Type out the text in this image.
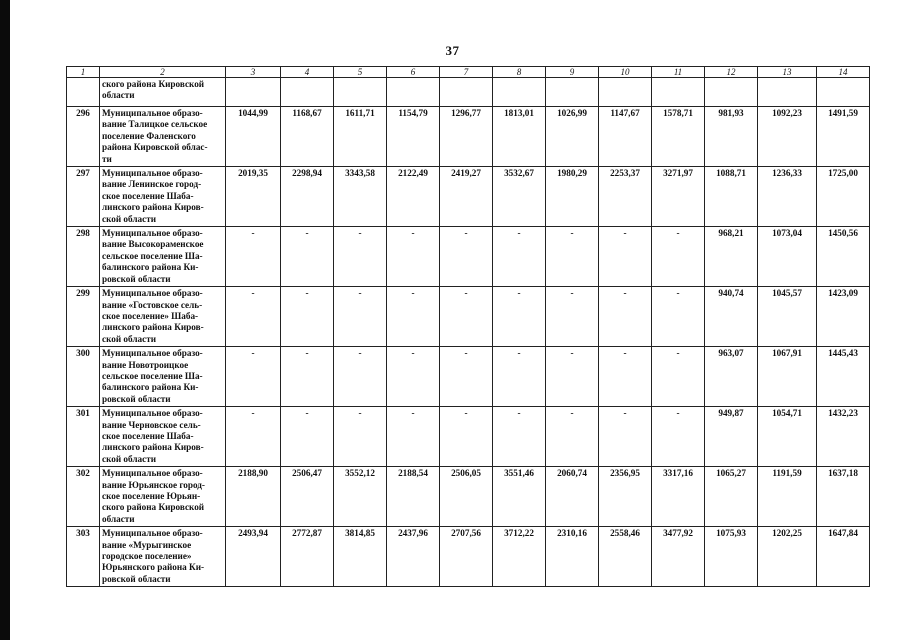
37
1	2	3	4	5	6	7	8	9	10	11	12	13	14
	ского района Кировской
области												
296	Муниципальное образо-
вание Талицкое сельское
поселение Фаленского
района Кировской облас-
ти	1044,99	1168,67	1611,71	1154,79	1296,77	1813,01	1026,99	1147,67	1578,71	981,93	1092,23	1491,59
297	Муниципальное образо-
вание Ленинское город-
ское поселение Шаба-
линского района Киров-
ской области	2019,35	2298,94	3343,58	2122,49	2419,27	3532,67	1980,29	2253,37	3271,97	1088,71	1236,33	1725,00
298	Муниципальное образо-
вание Высокораменское
сельское поселение Ша-
балинского района Ки-
ровской области	-	-	-	-	-	-	-	-	-	968,21	1073,04	1450,56
299	Муниципальное образо-
вание «Гостовское сель-
ское поселение» Шаба-
линского района Киров-
ской области	-	-	-	-	-	-	-	-	-	940,74	1045,57	1423,09
300	Муниципальное образо-
вание Новотроицкое
сельское поселение Ша-
балинского района Ки-
ровской области	-	-	-	-	-	-	-	-	-	963,07	1067,91	1445,43
301	Муниципальное образо-
вание Черновское сель-
ское поселение Шаба-
линского района Киров-
ской области	-	-	-	-	-	-	-	-	-	949,87	1054,71	1432,23
302	Муниципальное образо-
вание Юрьянское город-
ское поселение Юрьян-
ского района Кировской
области	2188,90	2506,47	3552,12	2188,54	2506,05	3551,46	2060,74	2356,95	3317,16	1065,27	1191,59	1637,18
303	Муниципальное образо-
вание «Мурыгинское
городское поселение»
Юрьянского района Ки-
ровской области	2493,94	2772,87	3814,85	2437,96	2707,56	3712,22	2310,16	2558,46	3477,92	1075,93	1202,25	1647,84
